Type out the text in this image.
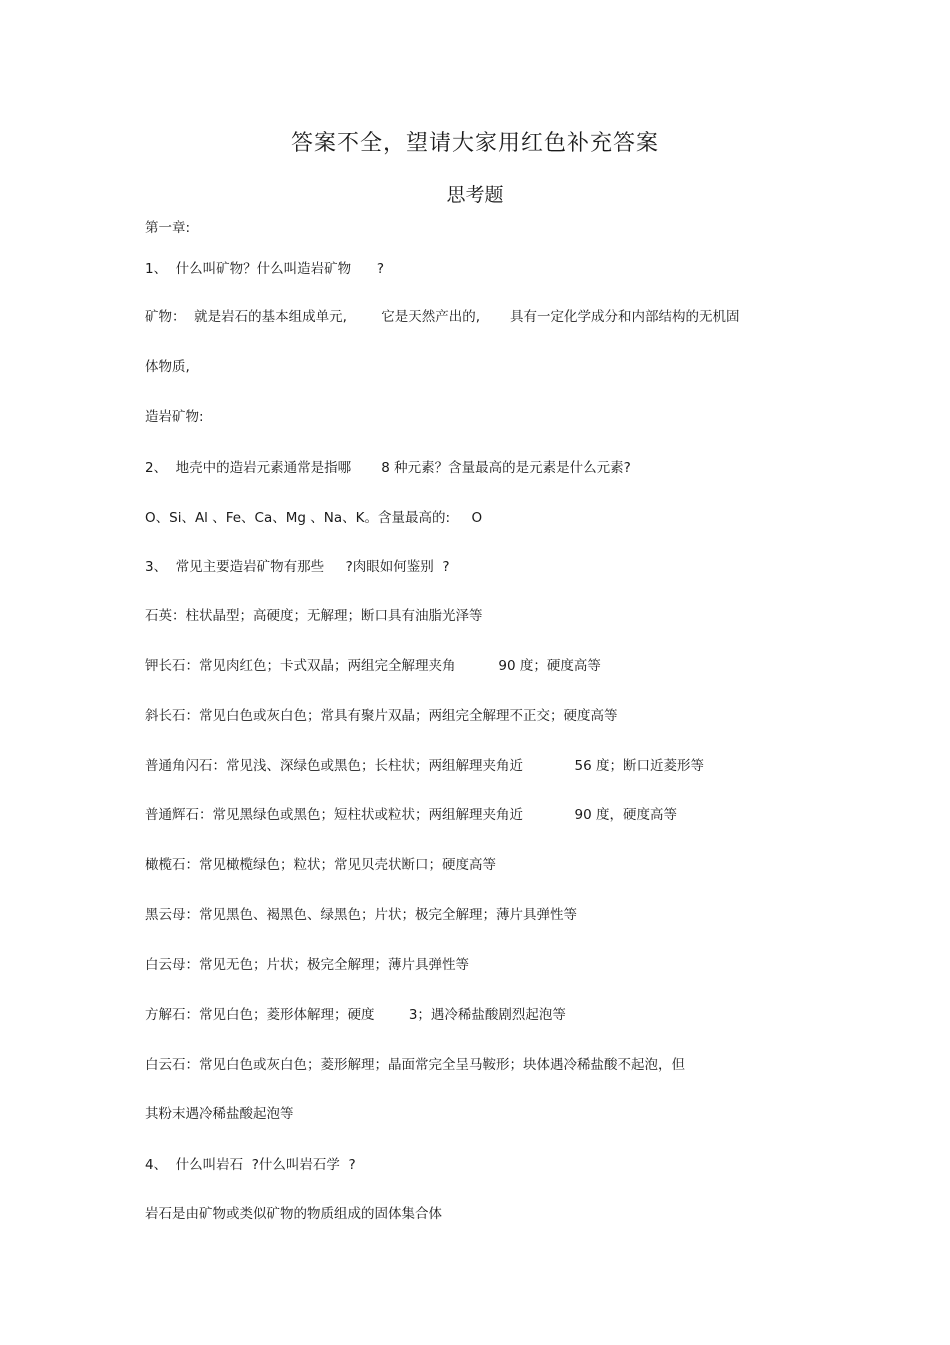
答案不全，望请大家用红色补充答案
思考题
第一章:
1、  什么叫矿物？什么叫造岩矿物      ?
矿物：  就是岩石的基本组成单元,        它是天然产出的,       具有一定化学成分和内部结构的无机固
体物质,
造岩矿物:
2、  地壳中的造岩元素通常是指哪       8 种元素？含量最高的是元素是什么元素?
O、Si、Al 、Fe、Ca、Mg 、Na、K。含量最高的:     O
3、  常见主要造岩矿物有那些     ?肉眼如何鉴别  ?
石英：柱状晶型；高硬度；无解理；断口具有油脂光泽等
钾长石：常见肉红色；卡式双晶；两组完全解理夹角          90 度；硬度高等
斜长石：常见白色或灰白色；常具有聚片双晶；两组完全解理不正交；硬度高等
普通角闪石：常见浅、深绿色或黑色；长柱状；两组解理夹角近            56 度；断口近菱形等
普通辉石：常见黑绿色或黑色；短柱状或粒状；两组解理夹角近            90 度，硬度高等
橄榄石：常见橄榄绿色；粒状；常见贝壳状断口；硬度高等
黑云母：常见黑色、褐黑色、绿黑色；片状；极完全解理；薄片具弹性等
白云母：常见无色；片状；极完全解理；薄片具弹性等
方解石：常见白色；菱形体解理；硬度        3；遇冷稀盐酸剧烈起泡等
白云石：常见白色或灰白色；菱形解理；晶面常完全呈马鞍形；块体遇冷稀盐酸不起泡，但
其粉末遇冷稀盐酸起泡等
4、  什么叫岩石  ?什么叫岩石学  ?
岩石是由矿物或类似矿物的物质组成的固体集合体
